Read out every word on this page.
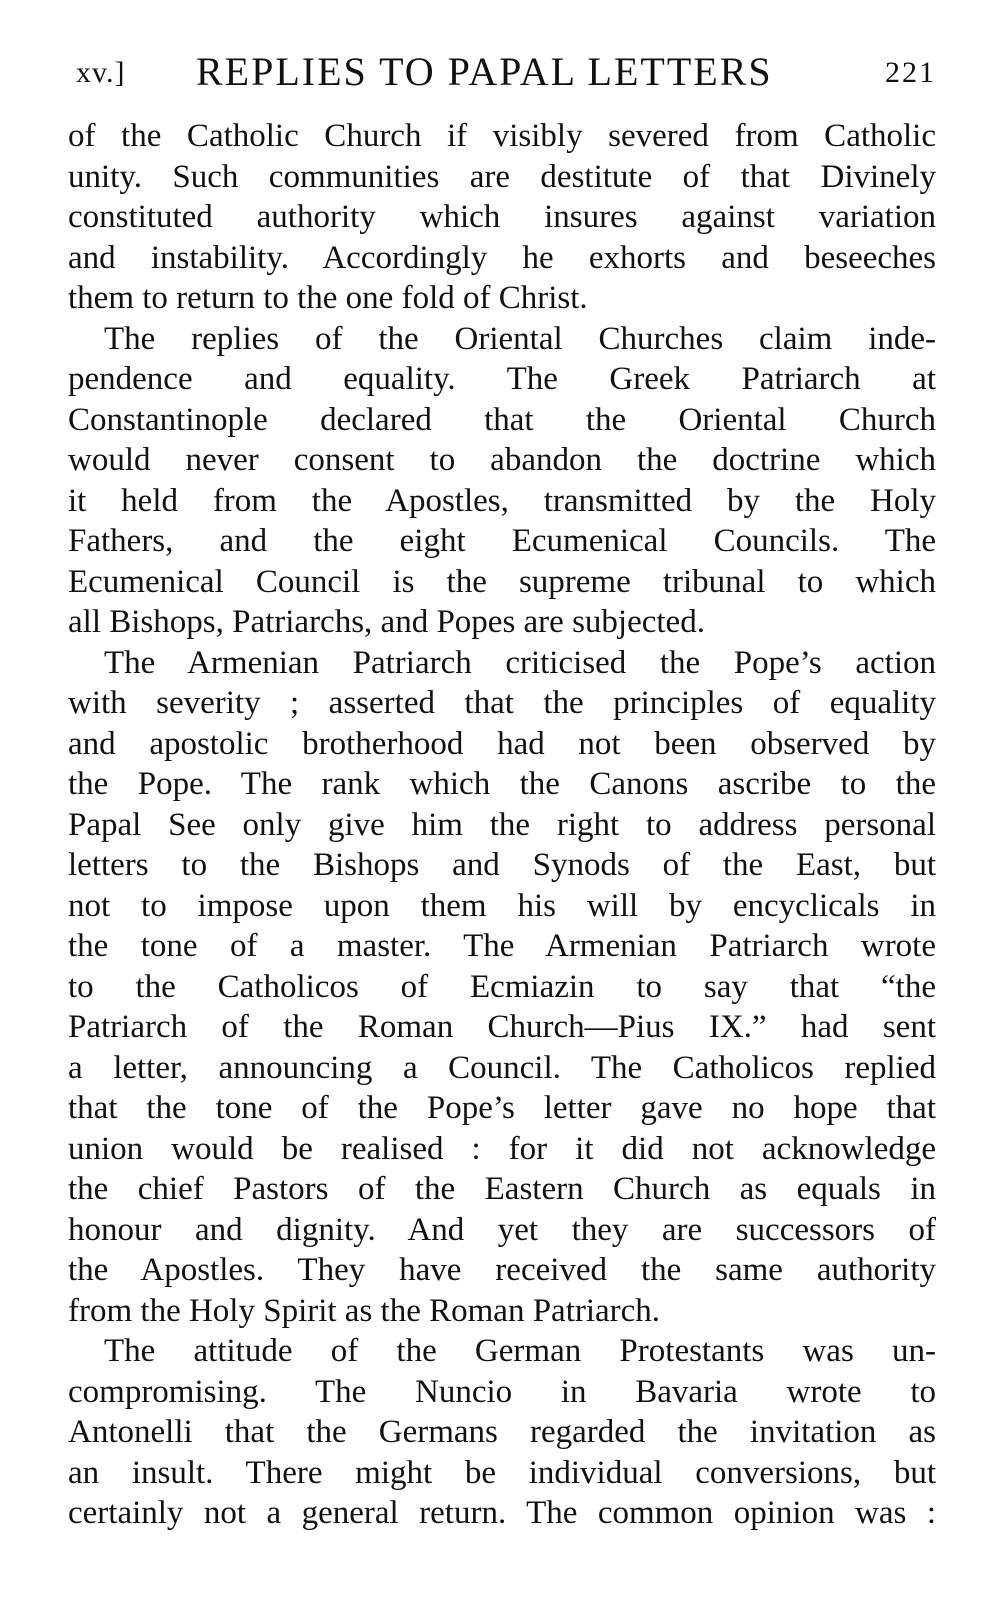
xv.] REPLIES TO PAPAL LETTERS	221
of the Catholic Church if visibly severed from Catholic
unity. Such communities are destitute of that Divinely
constituted authority which insures against variation
and instability. Accordingly he exhorts and beseeches
them to return to the one fold of Christ.
The replies of the Oriental Churches claim inde-
pendence and equality. The Greek Patriarch at
Constantinople declared that the Oriental Church
would never consent to abandon the doctrine which
it held from the Apostles, transmitted by the Holy
Fathers, and the eight Ecumenical Councils. The
Ecumenical Council is the supreme tribunal to which
all Bishops, Patriarchs, and Popes are subjected.
The Armenian Patriarch criticised the Pope’s action
with severity ; asserted that the principles of equality
and apostolic brotherhood had not been observed by
the Pope. The rank which the Canons ascribe to the
Papal See only give him the right to address personal
letters to the Bishops and Synods of the East, but
not to impose upon them his will by encyclicals in
the tone of a master. The Armenian Patriarch wrote
to the Catholicos of Ecmiazin to say that “the
Patriarch of the Roman Church—Pius IX.” had sent
a letter, announcing a Council. The Catholicos replied
that the tone of the Pope’s letter gave no hope that
union would be realised : for it did not acknowledge
the chief Pastors of the Eastern Church as equals in
honour and dignity. And yet they are successors of
the Apostles. They have received the same authority
from the Holy Spirit as the Roman Patriarch.
The attitude of the German Protestants was un-
compromising. The Nuncio in Bavaria wrote to
Antonelli that the Germans regarded the invitation as
an insult. There might be individual conversions, but
certainly not a general return. The common opinion was :
